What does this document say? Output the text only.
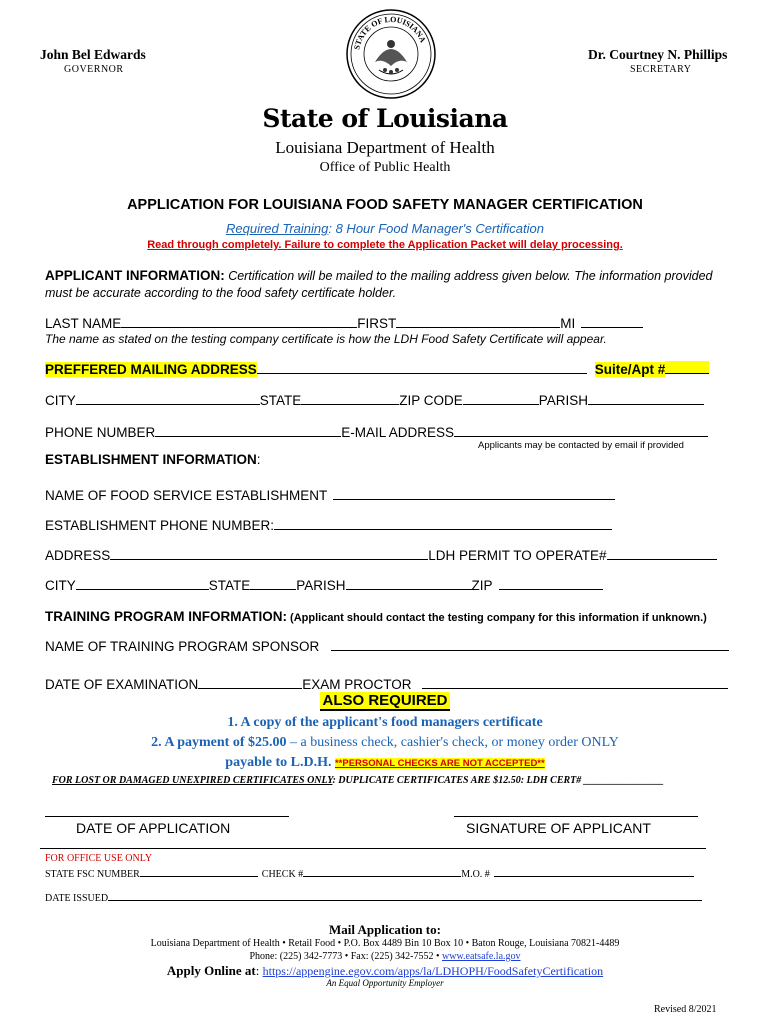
John Bel Edwards
GOVERNOR
Dr. Courtney N. Phillips
SECRETARY
STATE OF LOUISIANA
State of Louisiana
Louisiana Department of Health
Office of Public Health
APPLICATION FOR LOUISIANA FOOD SAFETY MANAGER CERTIFICATION
Required Training: 8 Hour Food Manager's Certification
Read through completely. Failure to complete the Application Packet will delay processing.
APPLICANT INFORMATION: Certification will be mailed to the mailing address given below. The information provided
must be accurate according to the food safety certificate holder.
LAST NAME	FIRST	MI
The name as stated on the testing company certificate is how the LDH Food Safety Certificate will appear.
PREFFERED MAILING ADDRESS	Suite/Apt #
CITY	STATE	ZIP CODE	PARISH
PHONE NUMBER	E-MAIL ADDRESS
Applicants may be contacted by email if provided
ESTABLISHMENT INFORMATION:
NAME OF FOOD SERVICE ESTABLISHMENT
ESTABLISHMENT PHONE NUMBER:
ADDRESS	LDH PERMIT TO OPERATE#
CITY	STATE	PARISH	ZIP
TRAINING PROGRAM INFORMATION: (Applicant should contact the testing company for this information if unknown.)
NAME OF TRAINING PROGRAM SPONSOR
DATE OF EXAMINATION	EXAM PROCTOR
ALSO REQUIRED
1. A copy of the applicant's food managers certificate
2. A payment of $25.00 – a business check, cashier's check, or money order ONLY
payable to L.D.H. **PERSONAL CHECKS ARE NOT ACCEPTED**
FOR LOST OR DAMAGED UNEXPIRED CERTIFICATES ONLY: DUPLICATE CERTIFICATES ARE $12.50: LDH CERT# ________________
DATE OF APPLICATION	SIGNATURE OF APPLICANT
FOR OFFICE USE ONLY
STATE FSC NUMBER	CHECK #	M.O. #
DATE ISSUED
Mail Application to:
Louisiana Department of Health • Retail Food • P.O. Box 4489 Bin 10 Box 10 • Baton Rouge, Louisiana 70821-4489
Phone: (225) 342-7773 • Fax: (225) 342-7552 • www.eatsafe.la.gov
Apply Online at: https://appengine.egov.com/apps/la/LDHOPH/FoodSafetyCertification
An Equal Opportunity Employer
Revised 8/2021
